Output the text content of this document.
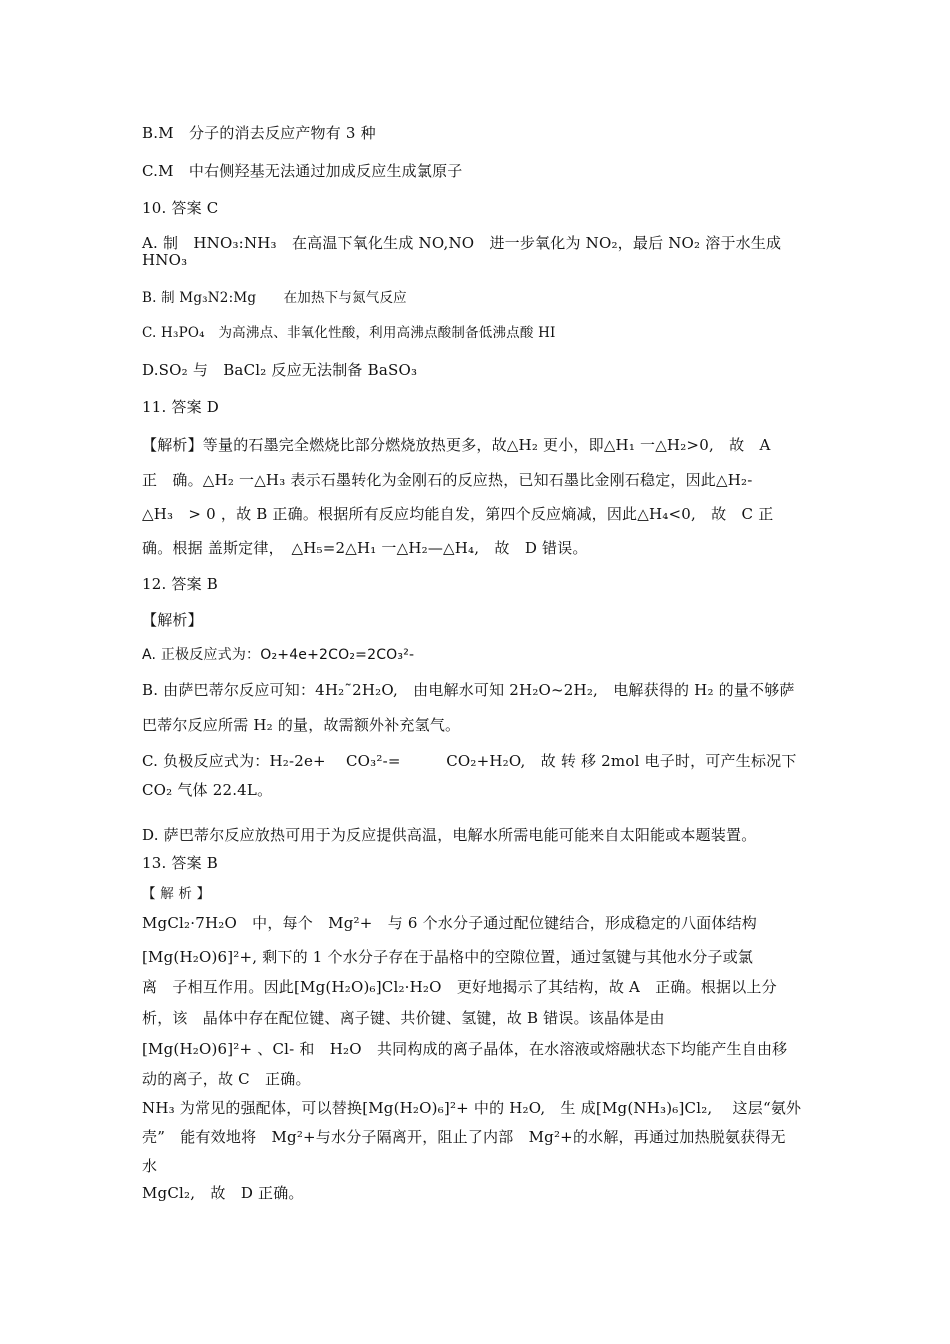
B.M　分子的消去反应产物有 3 种
C.M　中右侧羟基无法通过加成反应生成氯原子
10. 答案 C
A. 制　HNO₃:NH₃　在高温下氧化生成 NO,NO　进一步氧化为 NO₂，最后 NO₂ 溶于水生成
HNO₃
B. 制 Mg₃N2:Mg　　在加热下与氮气反应
C. H₃PO₄　为高沸点、非氧化性酸，利用高沸点酸制备低沸点酸 HI
D.SO₂ 与　BaCl₂ 反应无法制备 BaSO₃
11. 答案 D
【解析】等量的石墨完全燃烧比部分燃烧放热更多，故△H₂ 更小，即△H₁ 一△H₂>0,　故　A
正　确。△H₂ 一△H₃ 表示石墨转化为金刚石的反应热，已知石墨比金刚石稳定，因此△H₂-
△H₃　> 0 ，故 B 正确。根据所有反应均能自发，第四个反应熵减，因此△H₄<0,　故　C 正
确。根据 盖斯定律，　△H₅=2△H₁ 一△H₂—△H₄,　故　D 错误。
12. 答案 B
【解析】
A. 正极反应式为：O₂+4e+2CO₂=2CO₃²-
B. 由萨巴蒂尔反应可知：4H₂˜2H₂O,　由电解水可知 2H₂O~2H₂,　电解获得的 H₂ 的量不够萨
巴蒂尔反应所需 H₂ 的量，故需额外补充氢气。
C. 负极反应式为：H₂-2e+　 CO₃²-=　　　CO₂+H₂O,　故 转 移 2mol 电子时，可产生标况下
CO₂ 气体 22.4L。
D. 萨巴蒂尔反应放热可用于为反应提供高温，电解水所需电能可能来自太阳能或本题装置。
13. 答案 B
【 解 析 】
MgCl₂·7H₂O　中，每个　Mg²+　与 6 个水分子通过配位键结合，形成稳定的八面体结构
[Mg(H₂O)6]²+, 剩下的 1 个水分子存在于晶格中的空隙位置，通过氢键与其他水分子或氯
离　子相互作用。因此[Mg(H₂O)₆]Cl₂·H₂O　更好地揭示了其结构，故 A　正确。根据以上分
析，该　晶体中存在配位键、离子键、共价键、氢键，故 B 错误。该晶体是由
[Mg(H₂O)6]²+ 、Cl- 和　H₂O　共同构成的离子晶体，在水溶液或熔融状态下均能产生自由移
动的离子，故 C　正确。
NH₃ 为常见的强配体，可以替换[Mg(H₂O)₆]²+ 中的 H₂O,　生 成[Mg(NH₃)₆]Cl₂,　 这层“氨外
壳”　能有效地将　Mg²+与水分子隔离开，阻止了内部　Mg²+的水解，再通过加热脱氨获得无
水
MgCl₂,　故　D 正确。
